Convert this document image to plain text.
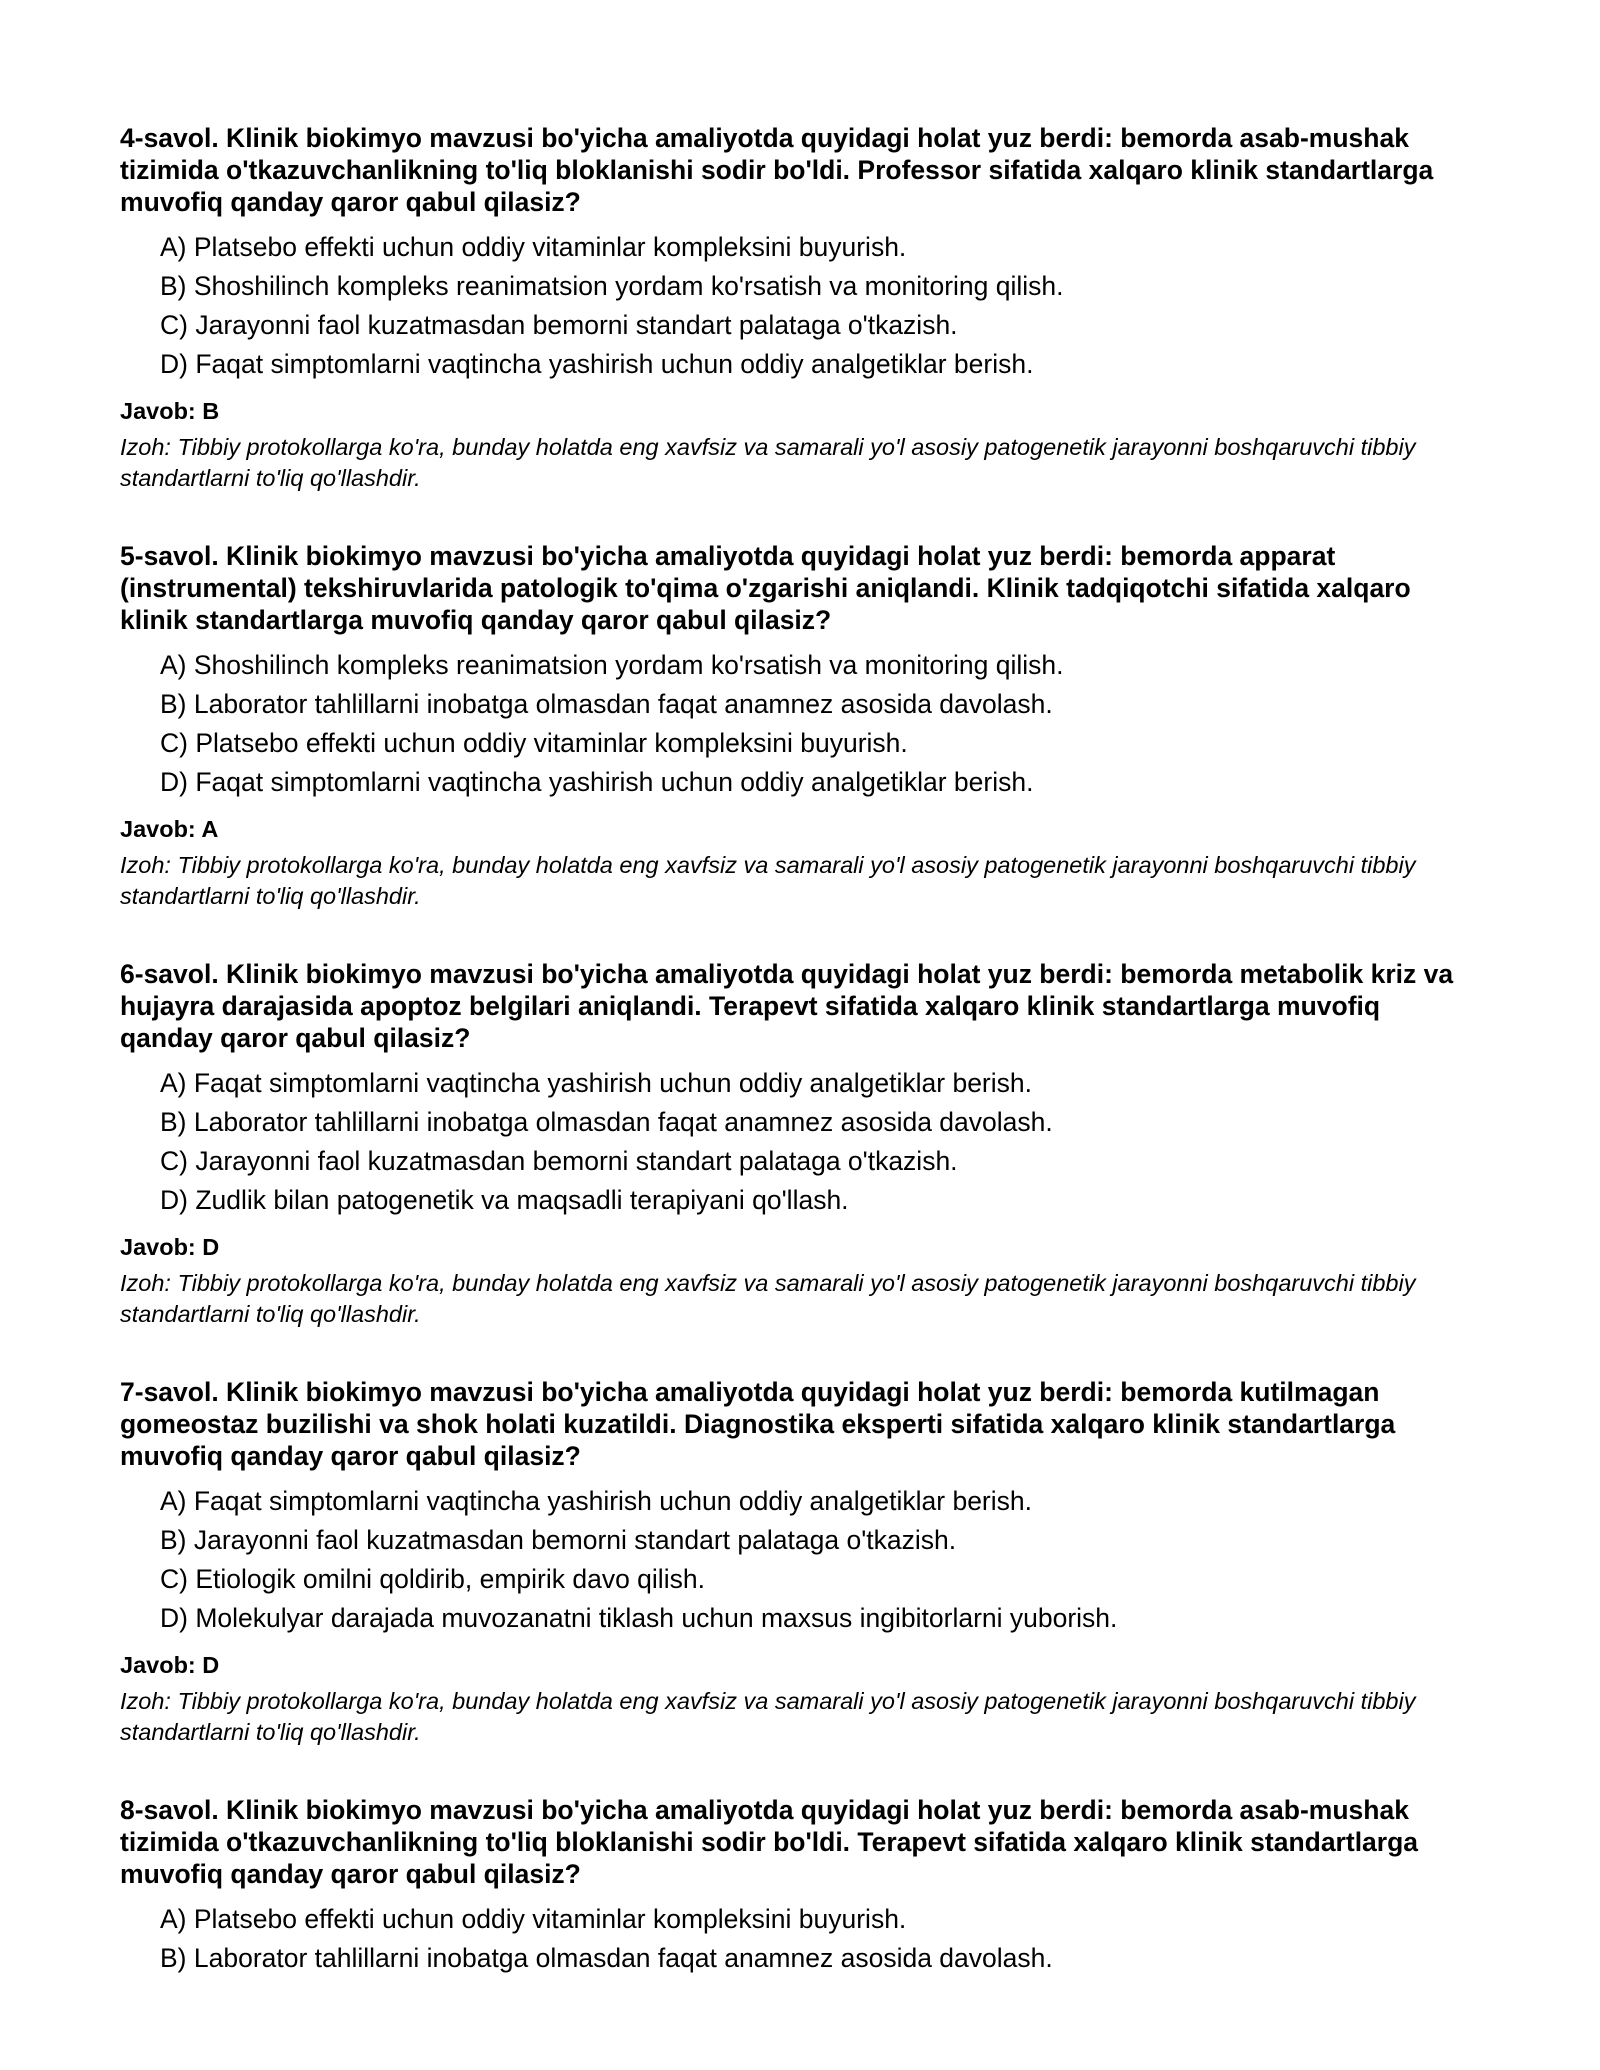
4-savol. Klinik biokimyo mavzusi bo'yicha amaliyotda quyidagi holat yuz berdi: bemorda asab-mushak tizimida o'tkazuvchanlikning to'liq bloklanishi sodir bo'ldi. Professor sifatida xalqaro klinik standartlarga muvofiq qanday qaror qabul qilasiz?

A) Platsebo effekti uchun oddiy vitaminlar kompleksini buyurish.
B) Shoshilinch kompleks reanimatsion yordam ko'rsatish va monitoring qilish.
C) Jarayonni faol kuzatmasdan bemorni standart palataga o'tkazish.
D) Faqat simptomlarni vaqtincha yashirish uchun oddiy analgetiklar berish.

Javob: B

Izoh: Tibbiy protokollarga ko'ra, bunday holatda eng xavfsiz va samarali yo'l asosiy patogenetik jarayonni boshqaruvchi tibbiy standartlarni to'liq qo'llashdir.

5-savol. Klinik biokimyo mavzusi bo'yicha amaliyotda quyidagi holat yuz berdi: bemorda apparat (instrumental) tekshiruvlarida patologik to'qima o'zgarishi aniqlandi. Klinik tadqiqotchi sifatida xalqaro klinik standartlarga muvofiq qanday qaror qabul qilasiz?

A) Shoshilinch kompleks reanimatsion yordam ko'rsatish va monitoring qilish.
B) Laborator tahlillarni inobatga olmasdan faqat anamnez asosida davolash.
C) Platsebo effekti uchun oddiy vitaminlar kompleksini buyurish.
D) Faqat simptomlarni vaqtincha yashirish uchun oddiy analgetiklar berish.

Javob: A

Izoh: Tibbiy protokollarga ko'ra, bunday holatda eng xavfsiz va samarali yo'l asosiy patogenetik jarayonni boshqaruvchi tibbiy standartlarni to'liq qo'llashdir.

6-savol. Klinik biokimyo mavzusi bo'yicha amaliyotda quyidagi holat yuz berdi: bemorda metabolik kriz va hujayra darajasida apoptoz belgilari aniqlandi. Terapevt sifatida xalqaro klinik standartlarga muvofiq qanday qaror qabul qilasiz?

A) Faqat simptomlarni vaqtincha yashirish uchun oddiy analgetiklar berish.
B) Laborator tahlillarni inobatga olmasdan faqat anamnez asosida davolash.
C) Jarayonni faol kuzatmasdan bemorni standart palataga o'tkazish.
D) Zudlik bilan patogenetik va maqsadli terapiyani qo'llash.

Javob: D

Izoh: Tibbiy protokollarga ko'ra, bunday holatda eng xavfsiz va samarali yo'l asosiy patogenetik jarayonni boshqaruvchi tibbiy standartlarni to'liq qo'llashdir.

7-savol. Klinik biokimyo mavzusi bo'yicha amaliyotda quyidagi holat yuz berdi: bemorda kutilmagan gomeostaz buzilishi va shok holati kuzatildi. Diagnostika eksperti sifatida xalqaro klinik standartlarga muvofiq qanday qaror qabul qilasiz?

A) Faqat simptomlarni vaqtincha yashirish uchun oddiy analgetiklar berish.
B) Jarayonni faol kuzatmasdan bemorni standart palataga o'tkazish.
C) Etiologik omilni qoldirib, empirik davo qilish.
D) Molekulyar darajada muvozanatni tiklash uchun maxsus ingibitorlarni yuborish.

Javob: D

Izoh: Tibbiy protokollarga ko'ra, bunday holatda eng xavfsiz va samarali yo'l asosiy patogenetik jarayonni boshqaruvchi tibbiy standartlarni to'liq qo'llashdir.

8-savol. Klinik biokimyo mavzusi bo'yicha amaliyotda quyidagi holat yuz berdi: bemorda asab-mushak tizimida o'tkazuvchanlikning to'liq bloklanishi sodir bo'ldi. Terapevt sifatida xalqaro klinik standartlarga muvofiq qanday qaror qabul qilasiz?

A) Platsebo effekti uchun oddiy vitaminlar kompleksini buyurish.
B) Laborator tahlillarni inobatga olmasdan faqat anamnez asosida davolash.
